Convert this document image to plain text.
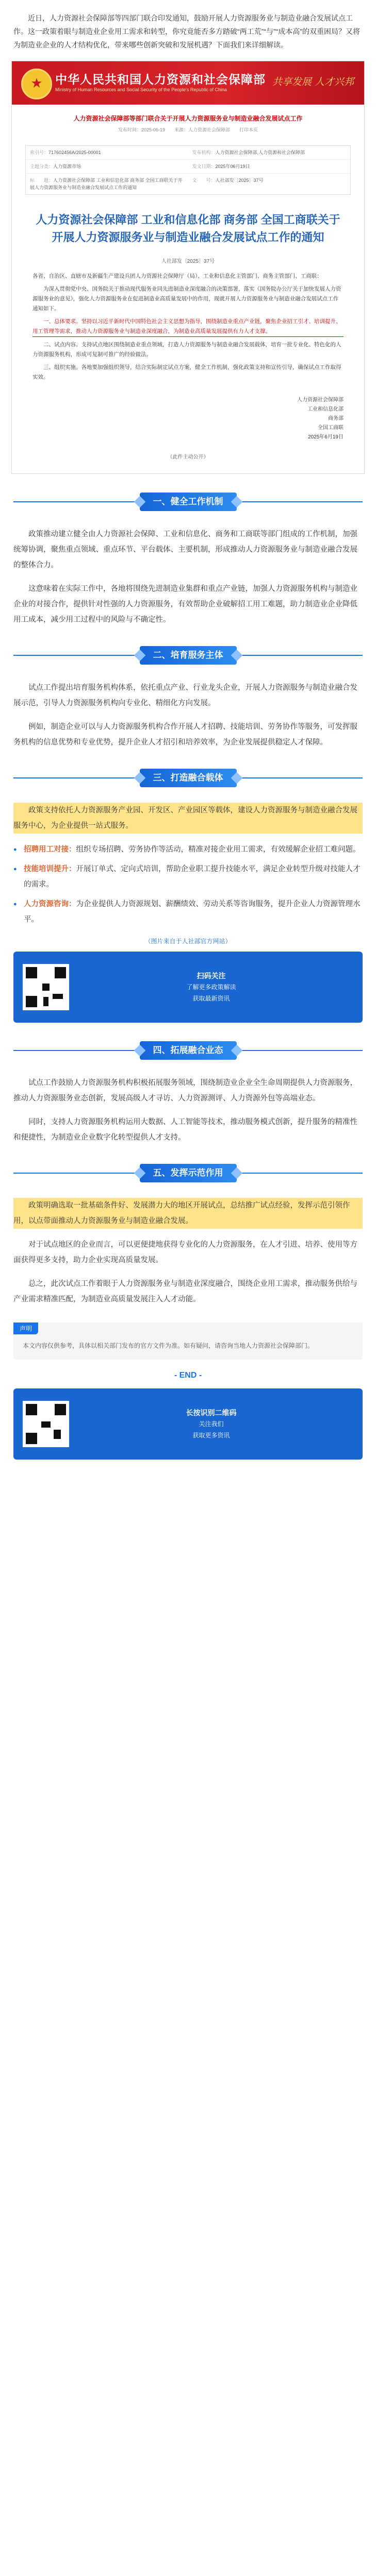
近日，人力资源社会保障部等四部门联合印发通知，鼓励开展人力资源服务业与制造业融合发展试点工作。这一政策着眼与制造业企业用工需求和转型，你究竟能否多方踏破“两工荒”“与”“成本高”的双重困局？又将为制造业企业的人才结构优化，带来哪些创新突破和发展机遇？下面我们来详细解读。
★
中华人民共和国人力资源和社会保障部
Ministry of Human Resources and Social Security of the People's Republic of China
共享发展 人才兴邦
人力资源社会保障部等部门联合关于开展人力资源服务业与制造业融合发展试点工作
发布时间：2025-06-19　　来源：人力资源社会保障部　　打印本页
索引号：717602456A/2025-00001	发布机构：人力资源社会保障部,人力资源和社会保障部
主题分类：人力资源市场	发文日期：2025年06月19日
标　　题：人力资源社会保障部 工业和信息化部 商务部 全国工商联关于开展人力资源服务业与制造业融合发展试点工作的通知
文　　号：人社部发〔2025〕37号
人力资源社会保障部 工业和信息化部 商务部 全国工商联关于开展人力资源服务业与制造业融合发展试点工作的通知
人社部发〔2025〕37号

各省、自治区、直辖市及新疆生产建设兵团人力资源社会保障厅（局）、工业和信息化主管部门、商务主管部门、工商联：

为深入贯彻党中央、国务院关于推动现代服务业同先进制造业深度融合的决策部署，落实《国务院办公厅关于加快发展人力资源服务业的意见》，强化人力资源服务业在促进制造业高质量发展中的作用，现就开展人力资源服务业与制造业融合发展试点工作通知如下。

一、总体要求。坚持以习近平新时代中国特色社会主义思想为指导，围绕制造业重点产业链，聚焦企业招工引才、培训提升、用工管理等需求，推动人力资源服务业与制造业深度融合，为制造业高质量发展提供有力人才支撑。

二、试点内容。支持试点地区围绕制造业重点领域，打造人力资源服务与制造业融合发展载体，培育一批专业化、特色化的人力资源服务机构，形成可复制可推广的经验做法。

三、组织实施。各地要加强组织领导，结合实际制定试点方案，健全工作机制，强化政策支持和宣传引导，确保试点工作取得实效。

人力资源社会保障部
工业和信息化部
商务部
全国工商联
2025年6月19日
（此件主动公开）
一、健全工作机制

政策推动建立健全由人力资源社会保障、工业和信息化、商务和工商联等部门组成的工作机制，加强统筹协调，聚焦重点领域、重点环节、平台载体、主要机制，形成推动人力资源服务业与制造业融合发展的整体合力。

这意味着在实际工作中，各地将围绕先进制造业集群和重点产业链，加强人力资源服务机构与制造业企业的对接合作，提供针对性强的人力资源服务，有效帮助企业破解招工用工难题，助力制造业企业降低用工成本，减少用工过程中的风险与不确定性。

二、培育服务主体

试点工作提出培育服务机构体系，依托重点产业、行业龙头企业，开展人力资源服务与制造业融合发展示范，引导人力资源服务机构向专业化、精细化方向发展。

例如，制造企业可以与人力资源服务机构合作开展人才招聘、技能培训、劳务协作等服务，可发挥服务机构的信息优势和专业优势，提升企业人才招引和培养效率，为企业发展提供稳定人才保障。

三、打造融合载体

政策支持依托人力资源服务产业园、开发区、产业园区等载体，建设人力资源服务与制造业融合发展服务中心，为企业提供一站式服务。

● 招聘用工对接：组织专场招聘、劳务协作等活动，精准对接企业用工需求，有效缓解企业招工难问题。
● 技能培训提升：开展订单式、定向式培训，帮助企业职工提升技能水平，满足企业转型升级对技能人才的需求。
● 人力资源咨询：为企业提供人力资源规划、薪酬绩效、劳动关系等咨询服务，提升企业人力资源管理水平。
（图片来自于人社部官方网站）
扫码关注
了解更多政策解读
获取最新资讯
四、拓展融合业态

试点工作鼓励人力资源服务机构积极拓展服务领域，围绕制造业企业全生命周期提供人力资源服务，推动人力资源服务业态创新，发展高级人才寻访、人力资源测评、人力资源外包等高端业态。

同时，支持人力资源服务机构运用大数据、人工智能等技术，推动服务模式创新，提升服务的精准性和便捷性，为制造业企业数字化转型提供人才支持。

五、发挥示范作用

政策明确选取一批基础条件好、发展潜力大的地区开展试点，总结推广试点经验，发挥示范引领作用，以点带面推动人力资源服务业与制造业融合发展。

对于试点地区的企业而言，可以更便捷地获得专业化的人力资源服务，在人才引进、培养、使用等方面获得更多支持，助力企业实现高质量发展。

总之，此次试点工作着眼于人力资源服务业与制造业深度融合，围绕企业用工需求，推动服务供给与产业需求精准匹配，为制造业高质量发展注入人才动能。

声明

本文内容仅供参考，具体以相关部门发布的官方文件为准。如有疑问，请咨询当地人力资源社会保障部门。

- END -
长按识别二维码
关注我们
获取更多资讯
